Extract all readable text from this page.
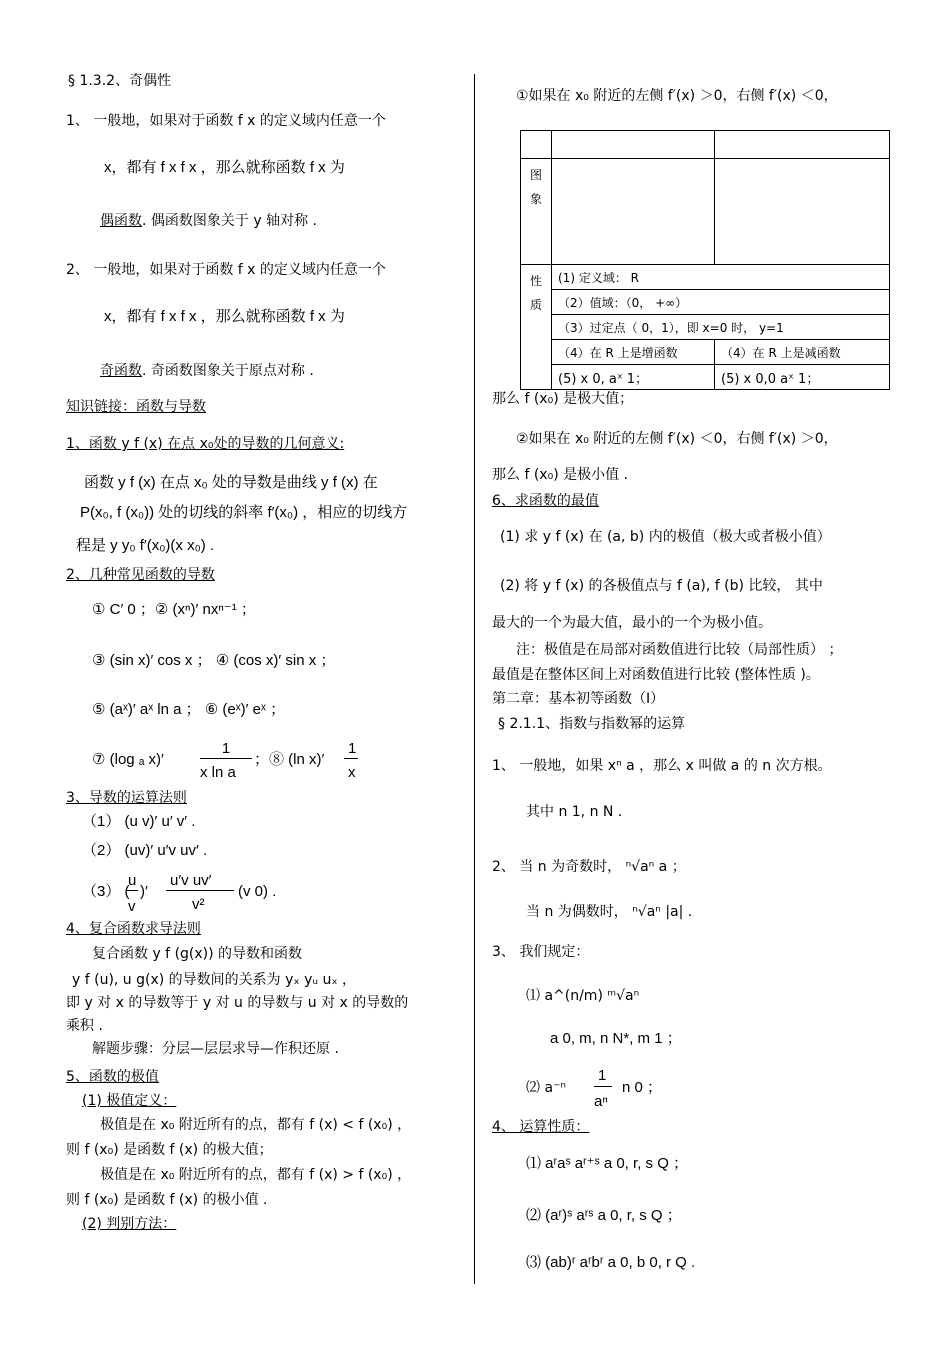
§ 1.3.2、奇偶性
1、 一般地，如果对于函数 f x 的定义域内任意一个
x，都有 f x f x ，那么就称函数 f x 为
偶函数. 偶函数图象关于 y 轴对称 .
2、 一般地，如果对于函数 f x 的定义域内任意一个
x，都有 f x f x ，那么就称函数 f x 为
奇函数. 奇函数图象关于原点对称 .
知识链接：函数与导数
1、函数 y f (x) 在点 x₀处的导数的几何意义:
函数 y f (x) 在点 x₀ 处的导数是曲线 y f (x) 在
P(x₀, f (x₀)) 处的切线的斜率 f′(x₀) ，相应的切线方
程是 y y₀ f′(x₀)(x x₀) .
2、几种常见函数的导数
① C′ 0 ；② (xⁿ)′ nxⁿ⁻¹ ；
③ (sin x)′ cos x ； ④ (cos x)′ sin x ；
⑤ (aˣ)′ aˣ ln a ； ⑥ (eˣ)′ eˣ ；
⑦ (log ₐ x)′
1
x ln a
；⑧ (ln x)′
1
x
3、导数的运算法则
（1） (u v)′ u′ v′ .
（2） (uv)′ u′v uv′ .
（3） (
u
v
)′
u′v uv′
v²
(v 0) .
4、复合函数求导法则
复合函数 y f (g(x)) 的导数和函数
y f (u), u g(x) 的导数间的关系为 yₓ yᵤ uₓ ，
即 y 对 x 的导数等于 y 对 u 的导数与 u 对 x 的导数的
乘积 .
解题步骤：分层—层层求导—作积还原 .
5、函数的极值
(1) 极值定义：
极值是在 x₀ 附近所有的点，都有 f (x) < f (x₀) ，
则 f (x₀) 是函数 f (x) 的极大值；
极值是在 x₀ 附近所有的点，都有 f (x) > f (x₀) ，
则 f (x₀) 是函数 f (x) 的极小值 .
(2) 判别方法：
①如果在 x₀ 附近的左侧 f′(x) ＞0，右侧 f′(x) ＜0，

图
象		
性
质	(1) 定义域： R	
	（2）值域：（0， +∞）	
	（3）过定点（ 0，1），即 x=0 时， y=1	
	（4）在 R 上是增函数	（4）在 R 上是减函数
	(5) x 0, aˣ 1；	(5) x 0,0 aˣ 1；
那么 f (x₀) 是极大值；
②如果在 x₀ 附近的左侧 f′(x) ＜0，右侧 f′(x) ＞0，
那么 f (x₀) 是极小值 .
6、求函数的最值
(1) 求 y f (x) 在 (a, b) 内的极值（极大或者极小值）
(2) 将 y f (x) 的各极值点与 f (a), f (b) 比较， 其中
最大的一个为最大值，最小的一个为极小值。
注：极值是在局部对函数值进行比较（局部性质） ；
最值是在整体区间上对函数值进行比较 (整体性质 )。
第二章：基本初等函数（Ⅰ）
§ 2.1.1、指数与指数幂的运算
1、 一般地，如果 xⁿ a ，那么 x 叫做 a 的 n 次方根。
其中 n 1, n N .
2、 当 n 为奇数时， ⁿ√aⁿ a ；
当 n 为偶数时， ⁿ√aⁿ |a| .
3、 我们规定：
⑴ a^(n/m) ᵐ√aⁿ
a 0, m, n N*, m 1 ；
⑵ a⁻ⁿ
1
aⁿ
n 0 ；
4、 运算性质：
⑴ aʳaˢ aʳ⁺ˢ a 0, r, s Q ；
⑵ (aʳ)ˢ aʳˢ a 0, r, s Q ；
⑶ (ab)ʳ aʳbʳ a 0, b 0, r Q .
